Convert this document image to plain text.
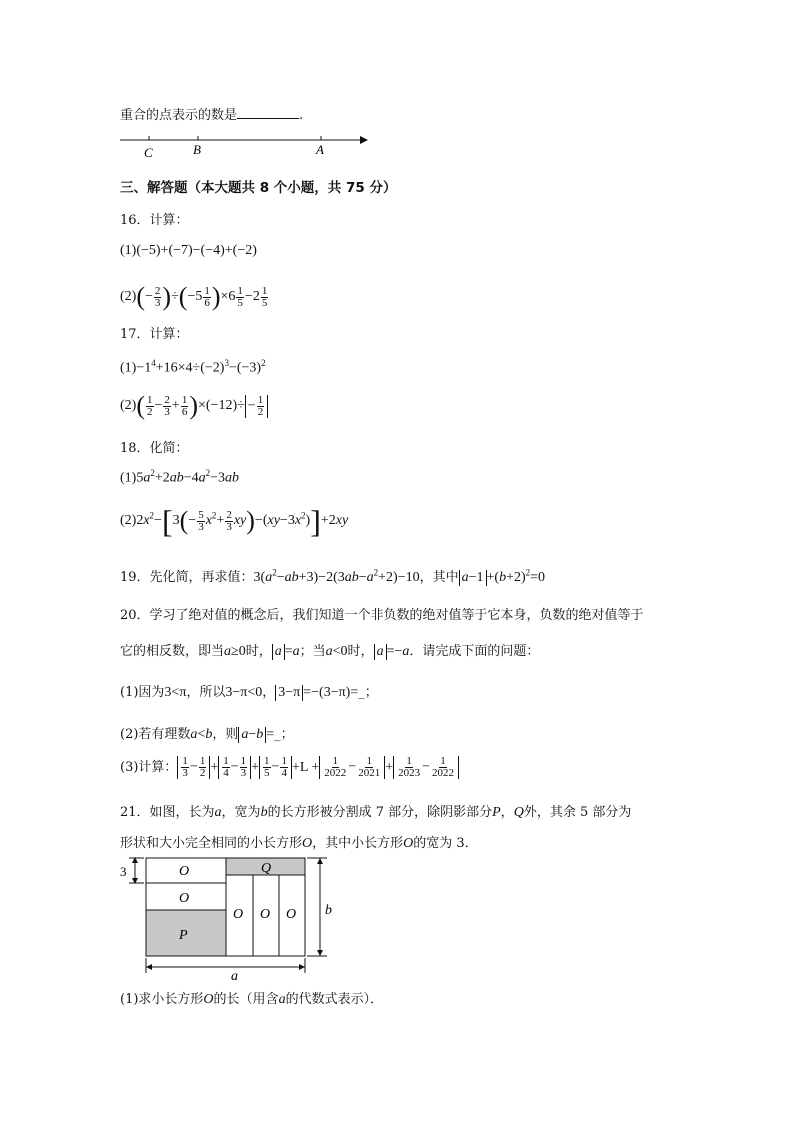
重合的点表示的数是	.
C	B	A
三、解答题（本大题共 8 个小题，共 75 分）
16．计算：
(1)(−5)+(−7)−(−4)+(−2)
$(2)(- \frac{2}{3} )\div(-5 \frac{1}{6} )\times 6 \frac{1}{5} -2 \frac{1}{5}$
17．计算：
$(1)-1^4+16\times 4\div(-2)^3-(-3)^2$
$(2)( \frac{1}{2} - \frac{2}{3} + \frac{1}{6} )\times(-12)\div - \frac{1}{2}$
18．化简：
$(1)5a^2+2ab-4a^2-3ab$
$(2)2x^2-[3(- \frac{5}{3} x^2+ \frac{2}{3} xy)-(xy-3x^2)]+2xy$
19．先化简，再求值：$3(a^2-ab+3)-2(3ab-a^2+2)-10$，其中 $a-1 +(b+2)^2=0$
20．学习了绝对值的概念后，我们知道一个非负数的绝对值等于它本身，负数的绝对值等于
它的相反数，即当a≥0时， a =a；当a<0时， a =−a．请完成下面的问题：
(1)因为3<π，所以3−π<0， 3−π =−(3−π)=_；
(2)若有理数a<b，则 a−b =_；
(3)计算： $\frac{1}{3} - \frac{1}{2} + \frac{1}{4} - \frac{1}{3} + \frac{1}{5} - \frac{1}{4} +L + \frac{1}{2022} - \frac{1}{2021} + \frac{1}{2023} - \frac{1}{2022}$
21．如图，长为a，宽为b的长方形被分割成 7 部分，除阴影部分P，Q外，其余 5 部分为
形状和大小完全相同的小长方形O，其中小长方形O的宽为 3．
O
O
P
Q
O O O
3
b
a
(1)求小长方形O的长（用含a的代数式表示）．
